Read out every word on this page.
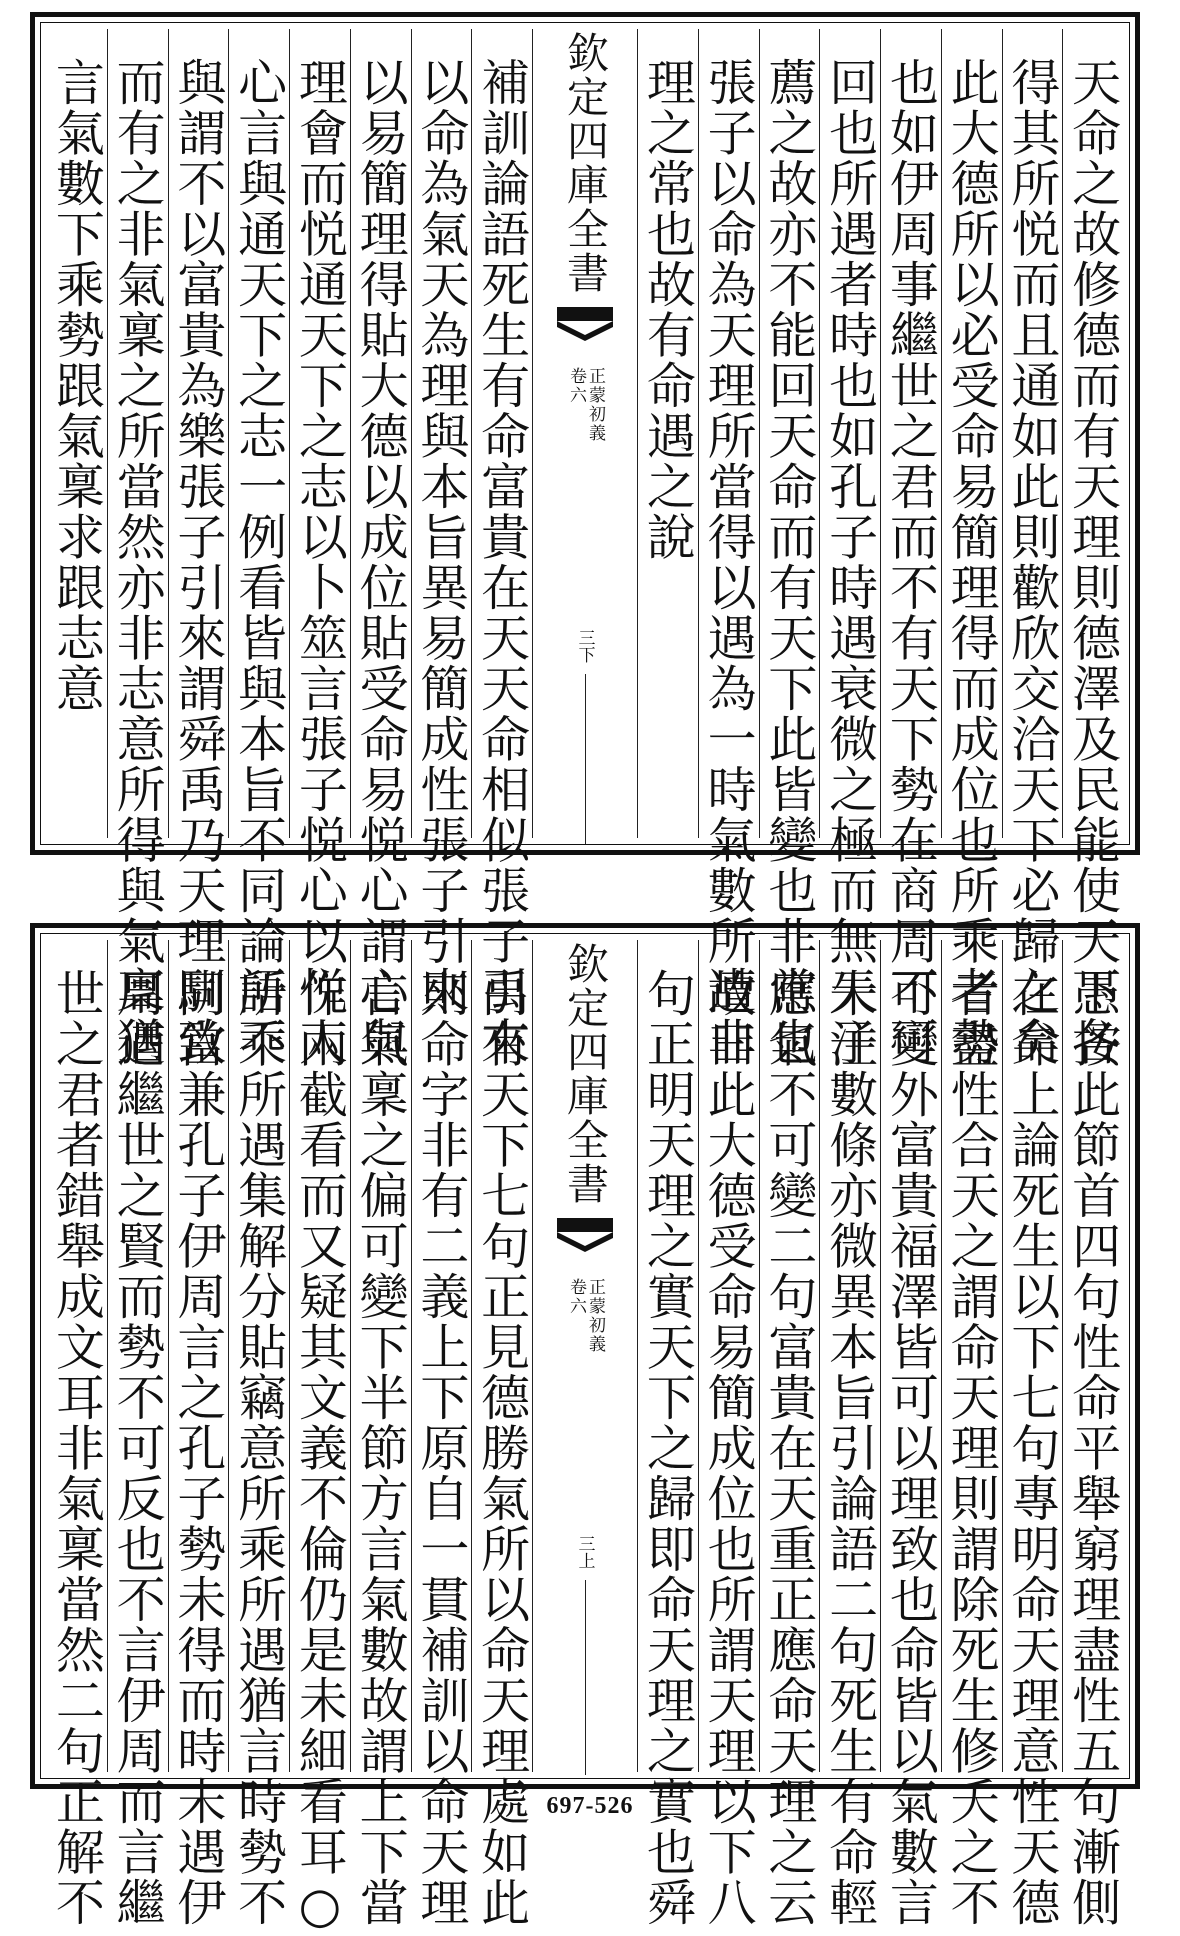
天命之故修德而有天理則德澤及民能使天下各

得其所悦而且通如此則歡欣交洽天下必歸之矣

此大德所以必受命易簡理得而成位也所乘者勢

也如伊周事繼世之君而不有天下勢在商周不可

回也所遇者時也如孔子時遇衰微之極而無天子

薦之故亦不能回天命而有天下此皆變也非常也

張子以命為天理所當得以遇為一時氣數所遭非

理之常也故有命遇之說

欽定四庫全書

正蒙初義
卷六
三下

補訓論語死生有命富貴在天天命相似張子引來

以命為氣天為理與本旨異易簡成性張子引來

以易簡理得貼大德以成位貼受命易悦心謂心與

理會而悦通天下之志以卜筮言張子悦心以悦人

心言與通天下之志一例看皆與本旨不同論語不

與謂不以富貴為樂張子引來謂舜禹乃天理馴致

而有之非氣稟之所當然亦非志意所得與氣稟猶

言氣數下乘勢跟氣稟求跟志意

愚按此節首四句性命平舉窮理盡性五句漸側

在命上論死生以下七句專明命天理意性天德

者盡性合天之謂命天理則謂除死生修夭之不

可變外富貴福澤皆可以理致也命皆以氣數言

朱注數條亦微異本旨引論語二句死生有命輕

應氣不可變二句富貴在天重正應命天理之云

故曰此大德受命易簡成位也所謂天理以下八

句正明天理之實天下之歸即命天理之實也舜

欽定四庫全書

正蒙初義
卷六
三上

禹有天下七句正見德勝氣所以命天理處如此

則命字非有二義上下原自一貫補訓以命天理

言氣稟之偏可變下半節方言氣數故謂上下當

作兩截看而又疑其文義不倫仍是未細看耳○

所乘所遇集解分貼竊意所乘所遇猶言時勢不

同當兼孔子伊周言之孔子勢未得而時未遇伊

周遇繼世之賢而勢不可反也不言伊周而言繼

世之君者錯舉成文耳非氣稟當然二句正解不	697-526
